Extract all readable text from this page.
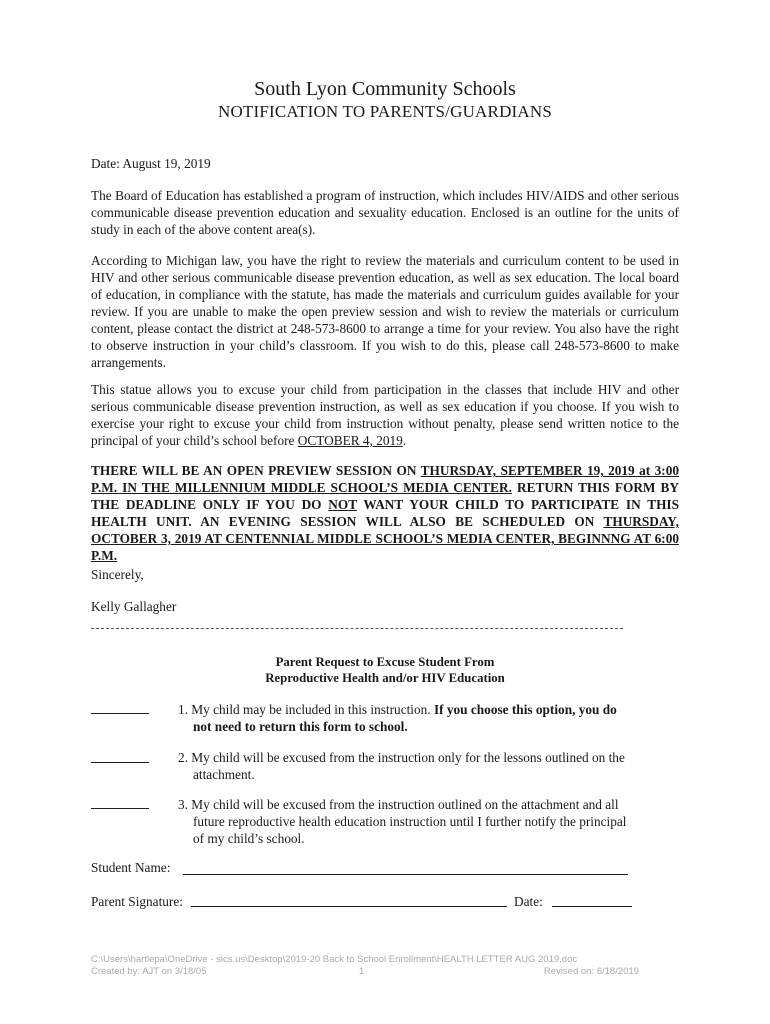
South Lyon Community Schools
NOTIFICATION TO PARENTS/GUARDIANS
Date: August 19, 2019
The Board of Education has established a program of instruction, which includes HIV/AIDS and other serious communicable disease prevention education and sexuality education. Enclosed is an outline for the units of study in each of the above content area(s).
According to Michigan law, you have the right to review the materials and curriculum content to be used in HIV and other serious communicable disease prevention education, as well as sex education. The local board of education, in compliance with the statute, has made the materials and curriculum guides available for your review. If you are unable to make the open preview session and wish to review the materials or curriculum content, please contact the district at 248-573-8600 to arrange a time for your review. You also have the right to observe instruction in your child’s classroom. If you wish to do this, please call 248-573-8600 to make arrangements.
This statue allows you to excuse your child from participation in the classes that include HIV and other serious communicable disease prevention instruction, as well as sex education if you choose. If you wish to exercise your right to excuse your child from instruction without penalty, please send written notice to the principal of your child’s school before OCTOBER 4, 2019.
THERE WILL BE AN OPEN PREVIEW SESSION ON THURSDAY, SEPTEMBER 19, 2019 at 3:00 P.M. IN THE MILLENNIUM MIDDLE SCHOOL’S MEDIA CENTER. RETURN THIS FORM BY THE DEADLINE ONLY IF YOU DO NOT WANT YOUR CHILD TO PARTICIPATE IN THIS HEALTH UNIT. AN EVENING SESSION WILL ALSO BE SCHEDULED ON THURSDAY, OCTOBER 3, 2019 AT CENTENNIAL MIDDLE SCHOOL’S MEDIA CENTER, BEGINNNG AT 6:00 P.M.
Sincerely,
Kelly Gallagher
Parent Request to Excuse Student From
Reproductive Health and/or HIV Education
1. My child may be included in this instruction. If you choose this option, you do not need to return this form to school.
2. My child will be excused from the instruction only for the lessons outlined on the attachment.
3. My child will be excused from the instruction outlined on the attachment and all future reproductive health education instruction until I further notify the principal of my child’s school.
Student Name:
Parent Signature:	Date:
C:\Users\hartlepa\OneDrive - slcs.us\Desktop\2019-20 Back to School Enrollment\HEALTH LETTER AUG 2019.doc
Created by: AJT on 3/18/05	1	Revised on: 6/18/2019
